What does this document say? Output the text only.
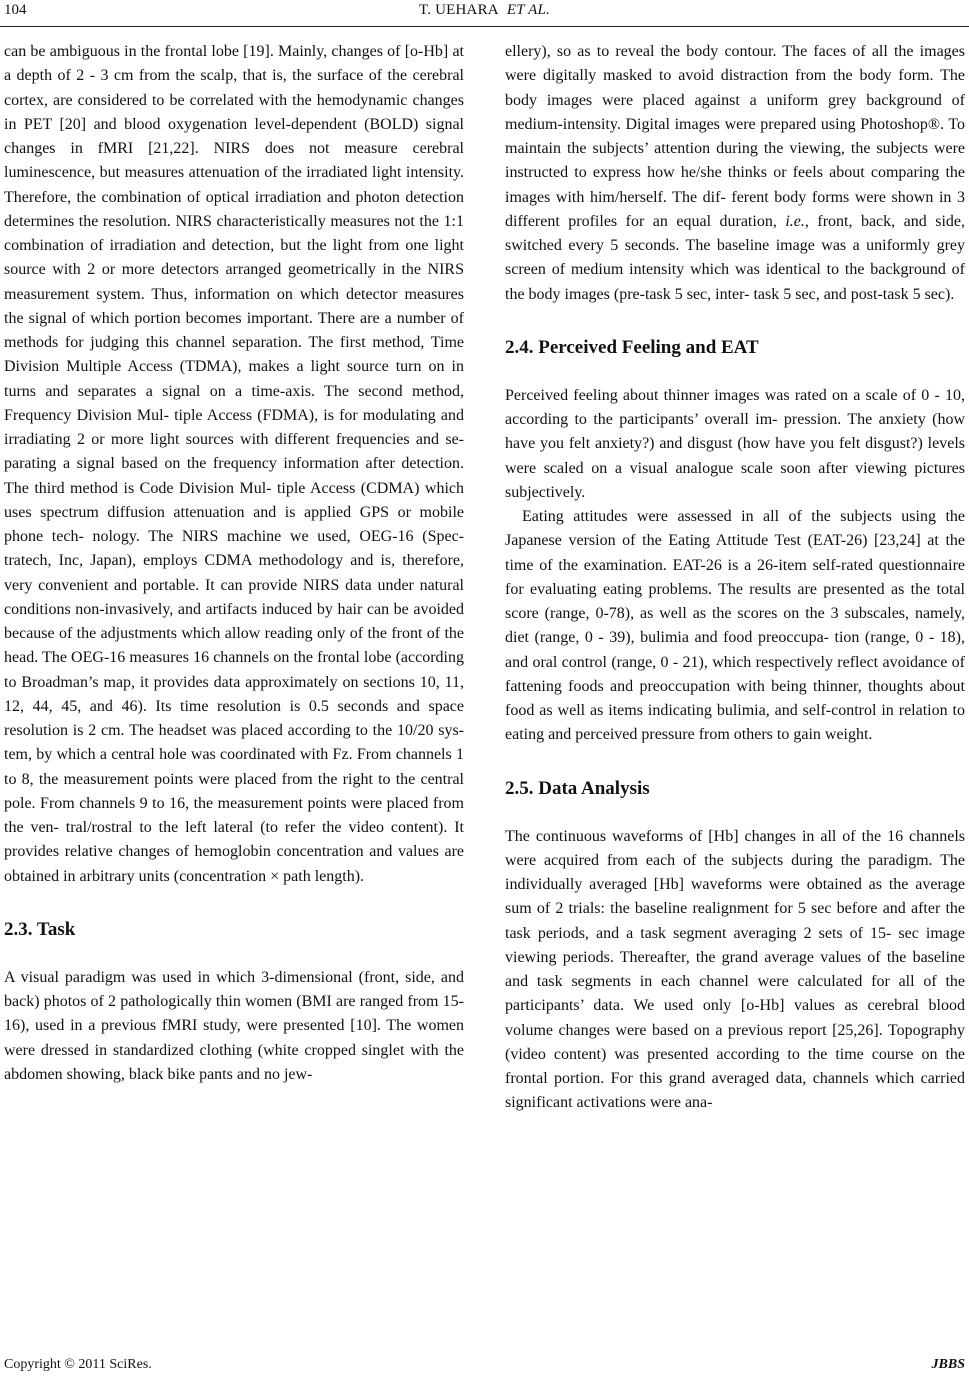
104	T. UEHARA ET AL.

can be ambiguous in the frontal lobe [19]. Mainly, changes of [o-Hb] at a depth of 2 - 3 cm from the scalp, that is, the surface of the cerebral cortex, are considered to be correlated with the hemodynamic changes in PET [20] and blood oxygenation level-dependent (BOLD) signal changes in fMRI [21,22]. NIRS does not measure cerebral luminescence, but measures attenuation of the irradiated light intensity. Therefore, the combination of optical irradiation and photon detection determines the resolution. NIRS characteristically measures not the 1:1 combination of irradiation and detection, but the light from one light source with 2 or more detectors arranged geometrically in the NIRS measurement system. Thus, information on which detector measures the signal of which portion becomes important. There are a number of methods for judging this channel separation. The first method, Time Division Multiple Access (TDMA), makes a light source turn on in turns and separates a signal on a time-axis. The second method, Frequency Division Mul- tiple Access (FDMA), is for modulating and irradiating 2 or more light sources with different frequencies and se- parating a signal based on the frequency information after detection. The third method is Code Division Mul- tiple Access (CDMA) which uses spectrum diffusion attenuation and is applied GPS or mobile phone tech- nology. The NIRS machine we used, OEG-16 (Spec- tratech, Inc, Japan), employs CDMA methodology and is, therefore, very convenient and portable. It can provide NIRS data under natural conditions non-invasively, and artifacts induced by hair can be avoided because of the adjustments which allow reading only of the front of the head. The OEG-16 measures 16 channels on the frontal lobe (according to Broadman’s map, it provides data approximately on sections 10, 11, 12, 44, 45, and 46). Its time resolution is 0.5 seconds and space resolution is 2 cm. The headset was placed according to the 10/20 sys- tem, by which a central hole was coordinated with Fz. From channels 1 to 8, the measurement points were placed from the right to the central pole. From channels 9 to 16, the measurement points were placed from the ven- tral/rostral to the left lateral (to refer the video content). It provides relative changes of hemoglobin concentration and values are obtained in arbitrary units (concentration × path length).

2.3. Task

A visual paradigm was used in which 3-dimensional (front, side, and back) photos of 2 pathologically thin women (BMI are ranged from 15-16), used in a previous fMRI study, were presented [10]. The women were dressed in standardized clothing (white cropped singlet with the abdomen showing, black bike pants and no jew-

ellery), so as to reveal the body contour. The faces of all the images were digitally masked to avoid distraction from the body form. The body images were placed against a uniform grey background of medium-intensity. Digital images were prepared using Photoshop®. To maintain the subjects’ attention during the viewing, the subjects were instructed to express how he/she thinks or feels about comparing the images with him/herself. The dif- ferent body forms were shown in 3 different profiles for an equal duration, i.e., front, back, and side, switched every 5 seconds. The baseline image was a uniformly grey screen of medium intensity which was identical to the background of the body images (pre-task 5 sec, inter- task 5 sec, and post-task 5 sec).

2.4. Perceived Feeling and EAT

Perceived feeling about thinner images was rated on a scale of 0 - 10, according to the participants’ overall im- pression. The anxiety (how have you felt anxiety?) and disgust (how have you felt disgust?) levels were scaled on a visual analogue scale soon after viewing pictures subjectively.

Eating attitudes were assessed in all of the subjects using the Japanese version of the Eating Attitude Test (EAT-26) [23,24] at the time of the examination. EAT-26 is a 26-item self-rated questionnaire for evaluating eating problems. The results are presented as the total score (range, 0-78), as well as the scores on the 3 subscales, namely, diet (range, 0 - 39), bulimia and food preoccupa- tion (range, 0 - 18), and oral control (range, 0 - 21), which respectively reflect avoidance of fattening foods and preoccupation with being thinner, thoughts about food as well as items indicating bulimia, and self-control in relation to eating and perceived pressure from others to gain weight.

2.5. Data Analysis

The continuous waveforms of [Hb] changes in all of the 16 channels were acquired from each of the subjects during the paradigm. The individually averaged [Hb] waveforms were obtained as the average sum of 2 trials: the baseline realignment for 5 sec before and after the task periods, and a task segment averaging 2 sets of 15- sec image viewing periods. Thereafter, the grand average values of the baseline and task segments in each channel were calculated for all of the participants’ data. We used only [o-Hb] values as cerebral blood volume changes were based on a previous report [25,26]. Topography (video content) was presented according to the time course on the frontal portion. For this grand averaged data, channels which carried significant activations were ana-

Copyright © 2011 SciRes.	JBBS
